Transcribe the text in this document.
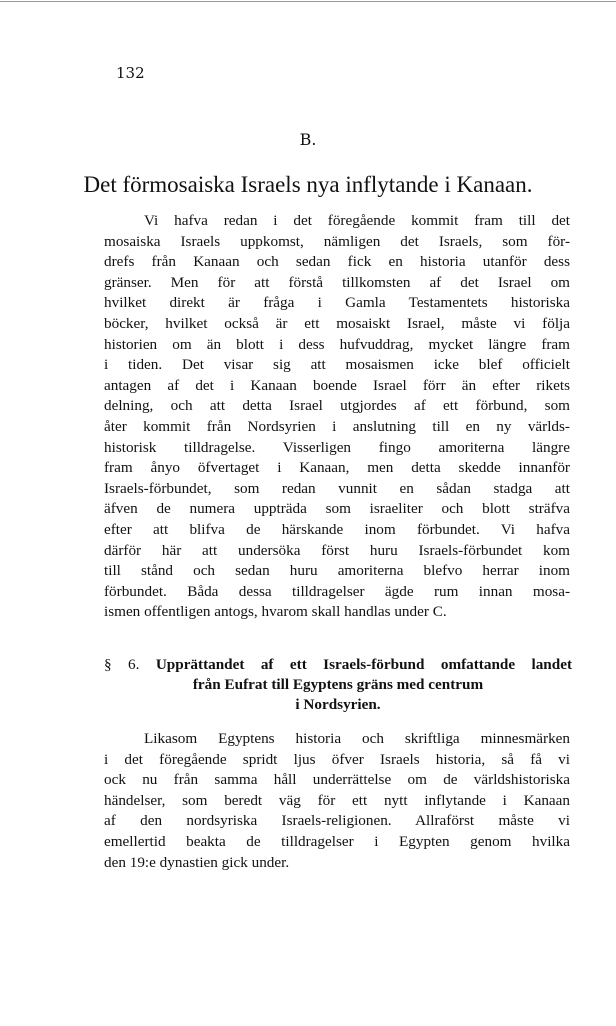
132
B.
Det förmosaiska Israels nya inflytande i Kanaan.

Vi hafva redan i det föregående kommit fram till det
mosaiska Israels uppkomst, nämligen det Israels, som för-
drefs från Kanaan och sedan fick en historia utanför dess
gränser. Men för att förstå tillkomsten af det Israel om
hvilket direkt är fråga i Gamla Testamentets historiska
böcker, hvilket också är ett mosaiskt Israel, måste vi följa
historien om än blott i dess hufvuddrag, mycket längre fram
i tiden. Det visar sig att mosaismen icke blef officielt
antagen af det i Kanaan boende Israel förr än efter rikets
delning, och att detta Israel utgjordes af ett förbund, som
åter kommit från Nordsyrien i anslutning till en ny världs-
historisk tilldragelse. Visserligen fingo amoriterna längre
fram ånyo öfvertaget i Kanaan, men detta skedde innanför
Israels-förbundet, som redan vunnit en sådan stadga att
äfven de numera uppträda som israeliter och blott sträfva
efter att blifva de härskande inom förbundet. Vi hafva
därför här att undersöka först huru Israels-förbundet kom
till stånd och sedan huru amoriterna blefvo herrar inom
förbundet. Båda dessa tilldragelser ägde rum innan mosa-
ismen offentligen antogs, hvarom skall handlas under C.

§ 6. Upprättandet af ett Israels-förbund omfattande landet
från Eufrat till Egyptens gräns med centrum
i Nordsyrien.

Likasom Egyptens historia och skriftliga minnesmärken
i det föregående spridt ljus öfver Israels historia, så få vi
ock nu från samma håll underrättelse om de världshistoriska
händelser, som beredt väg för ett nytt inflytande i Kanaan
af den nordsyriska Israels-religionen. Allraförst måste vi
emellertid beakta de tilldragelser i Egypten genom hvilka
den 19:e dynastien gick under.
